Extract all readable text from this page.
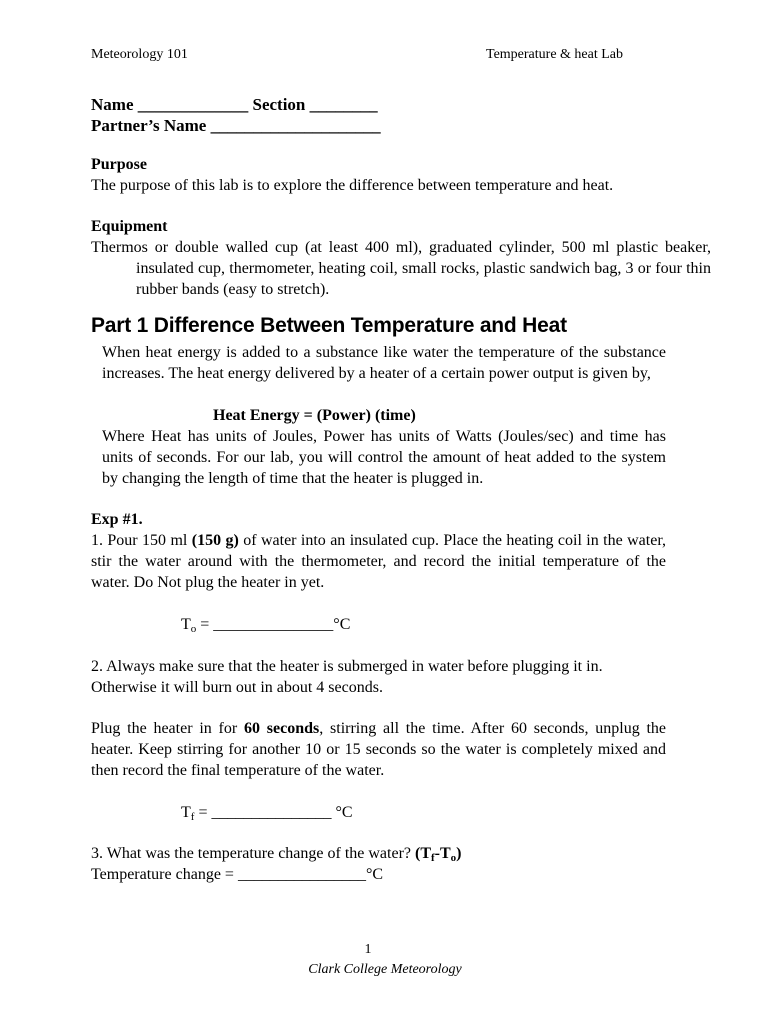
Meteorology 101	Temperature & heat Lab
Name _____________ Section ________
Partner’s Name ____________________
Purpose
The purpose of this lab is to explore the difference between temperature and heat.
Equipment
Thermos or double walled cup (at least 400 ml), graduated cylinder, 500 ml plastic beaker, insulated cup, thermometer, heating coil, small rocks, plastic sandwich bag, 3 or four thin rubber bands (easy to stretch).
Part 1 Difference Between Temperature and Heat
When heat energy is added to a substance like water the temperature of the substance increases. The heat energy delivered by a heater of a certain power output is given by,
Heat Energy = (Power) (time)
Where Heat has units of Joules, Power has units of Watts (Joules/sec) and time has units of seconds. For our lab, you will control the amount of heat added to the system by changing the length of time that the heater is plugged in.
Exp #1.
1. Pour 150 ml (150 g) of water into an insulated cup. Place the heating coil in the water, stir the water around with the thermometer, and record the initial temperature of the water. Do Not plug the heater in yet.
$T_o$ = _______________°C
2. Always make sure that the heater is submerged in water before plugging it in. Otherwise it will burn out in about 4 seconds.
Plug the heater in for 60 seconds, stirring all the time. After 60 seconds, unplug the heater. Keep stirring for another 10 or 15 seconds so the water is completely mixed and then record the final temperature of the water.
$T_f$ = _______________ °C
3. What was the temperature change of the water? $(T_f-T_o)$
Temperature change = ________________°C
1
Clark College Meteorology
